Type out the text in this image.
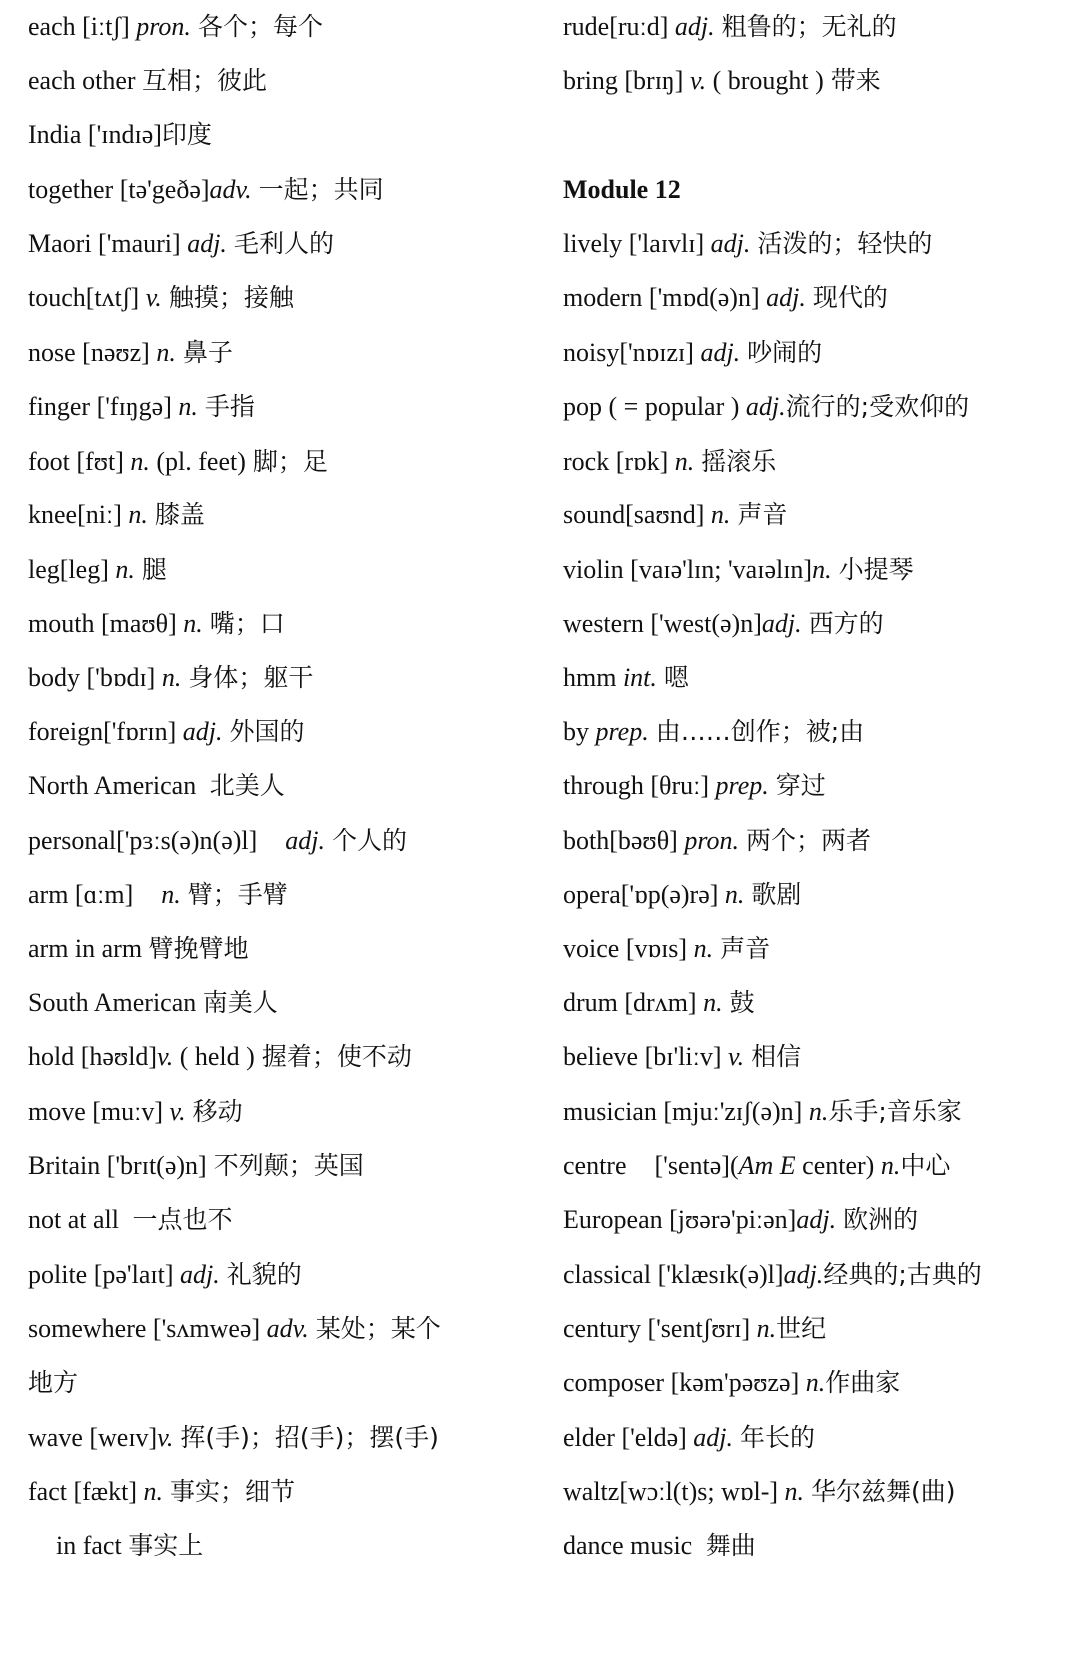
each [iːtʃ] pron. 各个；每个
each other 互相；彼此
India ['ɪndɪə]印度
together [tə'geðə]adv. 一起；共同
Maori ['mauri] adj. 毛利人的
touch[tʌtʃ] v. 触摸；接触
nose [nəʊz] n. 鼻子
finger ['fɪŋgə] n. 手指
foot [fʊt] n. (pl. feet) 脚；足
knee[niː] n. 膝盖
leg[leg] n. 腿
mouth [maʊθ] n. 嘴；口
body ['bɒdɪ] n. 身体；躯干
foreign['fɒrɪn] adj. 外国的
North American 北美人
personal['pɜːs(ə)n(ə)l] adj. 个人的
arm [ɑːm] n. 臂；手臂
arm in arm 臂挽臂地
South American 南美人
hold [həʊld]v. ( held ) 握着；使不动
move [muːv] v. 移动
Britain ['brɪt(ə)n] 不列颠；英国
not at all 一点也不
polite [pə'laɪt] adj. 礼貌的
somewhere ['sʌmweə] adv. 某处；某个
地方
wave [weɪv]v. 挥(手)；招(手)；摆(手)
fact [fækt] n. 事实；细节
in fact 事实上
rude[ruːd] adj. 粗鲁的；无礼的
bring [brɪŋ] v. ( brought ) 带来
Module 12
lively ['laɪvlɪ] adj. 活泼的；轻快的
modern ['mɒd(ə)n] adj. 现代的
noisy['nɒɪzɪ] adj. 吵闹的
pop ( = popular ) adj.流行的;受欢仰的
rock [rɒk] n. 摇滚乐
sound[saʊnd] n. 声音
violin [vaɪə'lɪn; 'vaɪəlɪn]n. 小提琴
western ['west(ə)n]adj. 西方的
hmm int. 嗯
by prep. 由……创作；被;由
through [θruː] prep. 穿过
both[bəʊθ] pron. 两个；两者
opera['ɒp(ə)rə] n. 歌剧
voice [vɒɪs] n. 声音
drum [drʌm] n. 鼓
believe [bɪ'liːv] v. 相信
musician [mjuː'zɪʃ(ə)n] n.乐手;音乐家
centre ['sentə](Am E center) n.中心
European [jʊərə'piːən]adj. 欧洲的
classical ['klæsɪk(ə)l]adj.经典的;古典的
century ['sentʃʊrɪ] n.世纪
composer [kəm'pəʊzə] n.作曲家
elder ['eldə] adj. 年长的
waltz[wɔːl(t)s; wɒl-] n. 华尔兹舞(曲)
dance music 舞曲
